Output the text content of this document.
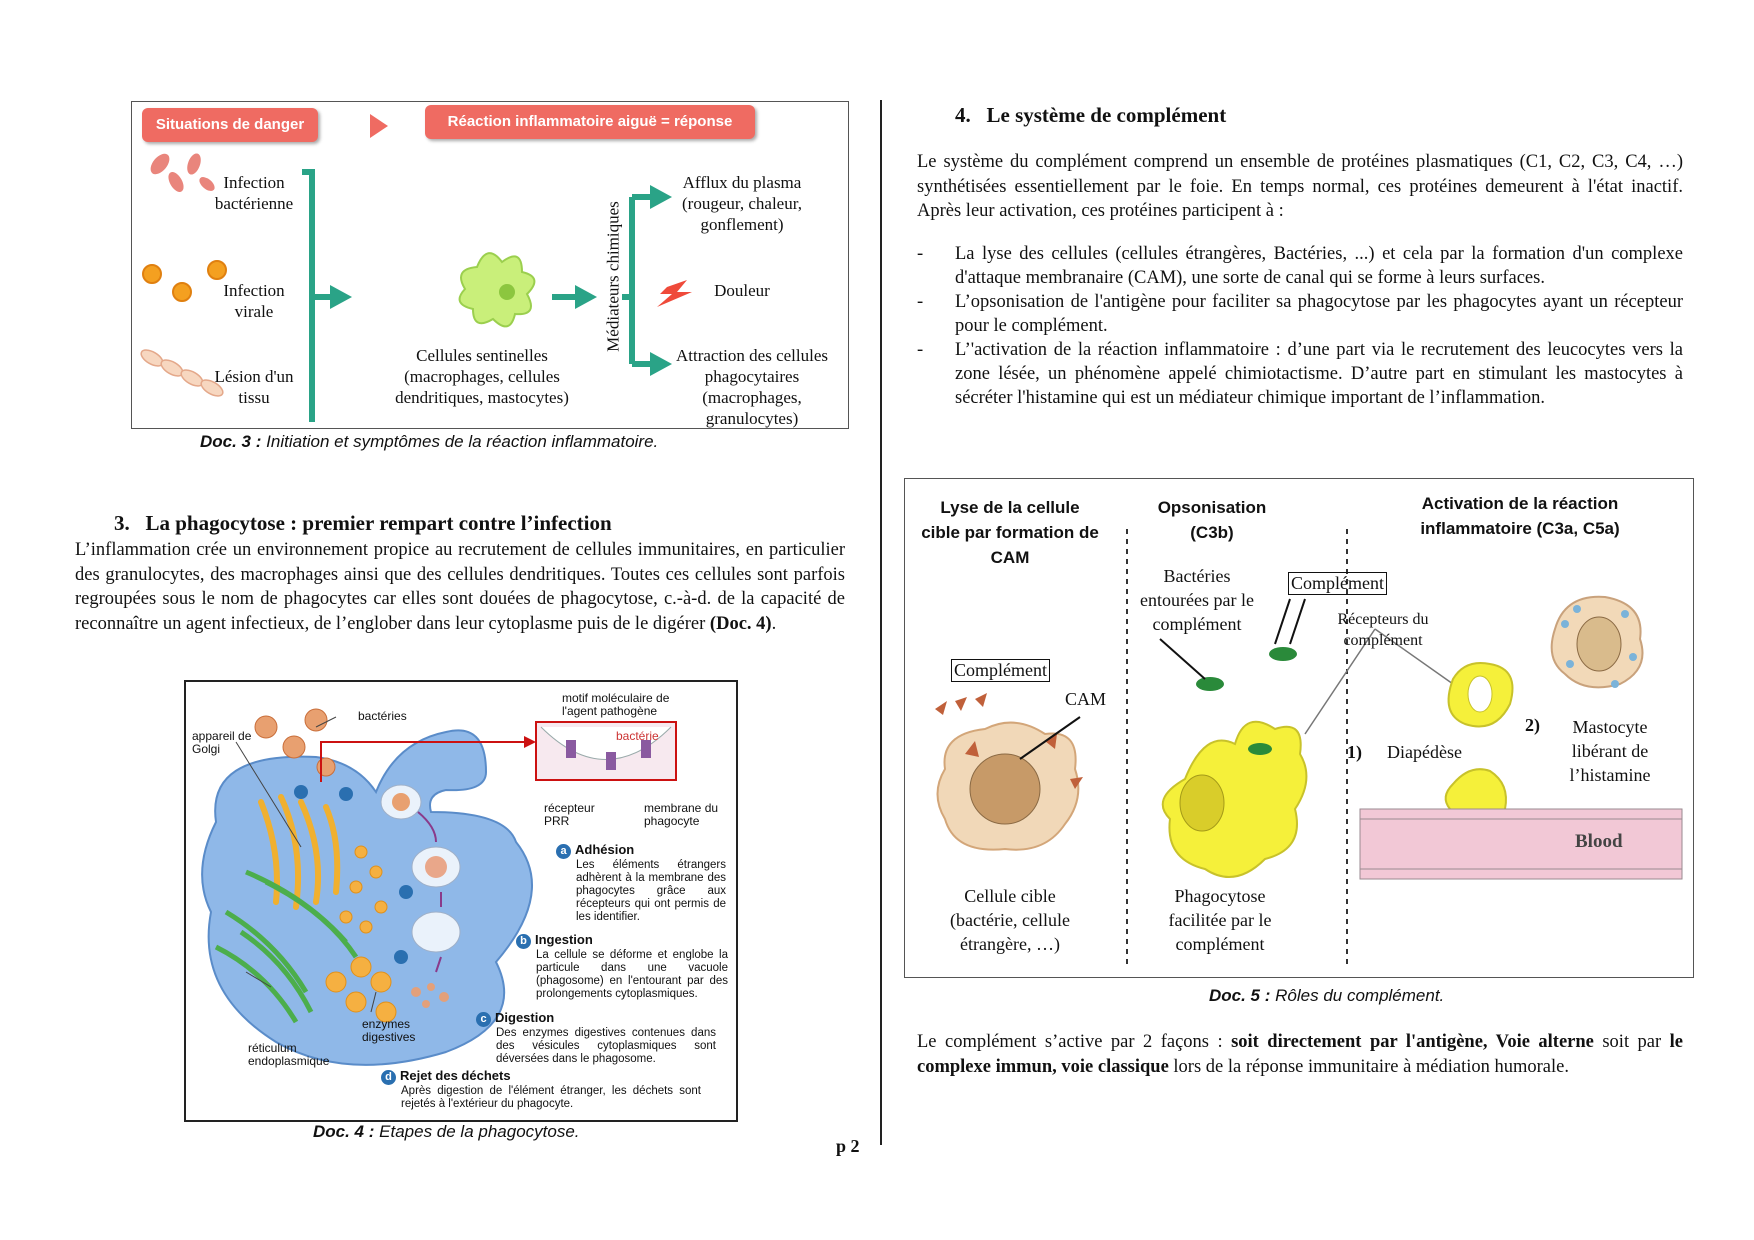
Situations de danger	Réaction inflammatoire aiguë = réponse rapide
Infection bactérienne
Infection virale
Lésion d'un tissu
Cellules sentinelles (macrophages, cellules dendritiques, mastocytes)
Médiateurs chimiques
Afflux du plasma (rougeur, chaleur, gonflement)
Douleur
Attraction des cellules phagocytaires (macrophages, granulocytes)
Doc. 3 : Initiation et symptômes de la réaction inflammatoire.
3. La phagocytose : premier rempart contre l’infection
L’inflammation crée un environnement propice au recrutement de cellules immunitaires, en particulier des granulocytes, des macrophages ainsi que des cellules dendritiques. Toutes ces cellules sont parfois regroupées sous le nom de phagocytes car elles sont douées de phagocytose, c.-à-d. de la capacité de reconnaître un agent infectieux, de l’englober dans leur cytoplasme puis de le digérer (Doc. 4).
bactéries
appareil de Golgi
motif moléculaire de l'agent pathogène
bactérie
récepteur PRR
membrane du phagocyte
réticulum endoplasmique
enzymes digestives
a Adhésion
Les éléments étrangers adhèrent à la membrane des phagocytes grâce aux récepteurs qui ont permis de les identifier.
b Ingestion
La cellule se déforme et englobe la particule dans une vacuole (phagosome) en l'entourant par des prolongements cytoplasmiques.
c Digestion
Des enzymes digestives contenues dans des vésicules cytoplasmiques sont déversées dans le phagosome.
d Rejet des déchets
Après digestion de l'élément étranger, les déchets sont rejetés à l'extérieur du phagocyte.
Doc. 4 : Etapes de la phagocytose.
p 2
4. Le système de complément
Le système du complément comprend un ensemble de protéines plasmatiques (C1, C2, C3, C4, …) synthétisées essentiellement par le foie. En temps normal, ces protéines demeurent à l'état inactif. Après leur activation, ces protéines participent à :
- La lyse des cellules (cellules étrangères, Bactéries, ...) et cela par la formation d'un complexe d'attaque membranaire (CAM), une sorte de canal qui se forme à leurs surfaces.
- L’opsonisation de l'antigène pour faciliter sa phagocytose par les phagocytes ayant un récepteur pour le complément.
- L’'activation de la réaction inflammatoire : d’une part via le recrutement des leucocytes vers la zone lésée, un phénomène appelé chimiotactisme. D’autre part en stimulant les mastocytes à sécréter l'histamine qui est un médiateur chimique important de l’inflammation.
Lyse de la cellule cible par formation de CAM
Opsonisation (C3b)
Activation de la réaction inflammatoire (C3a, C5a)
Complément
CAM
Bactéries entourées par le complément
Complément
Récepteurs du complément
1) Diapédèse
2)	Mastocyte libérant de l’histamine
Blood
Cellule cible (bactérie, cellule étrangère, …)
Phagocytose facilitée par le complément
Doc. 5 : Rôles du complément.
Le complément s’active par 2 façons : soit directement par l'antigène, Voie alterne soit par le complexe immun, voie classique lors de la réponse immunitaire à médiation humorale.
